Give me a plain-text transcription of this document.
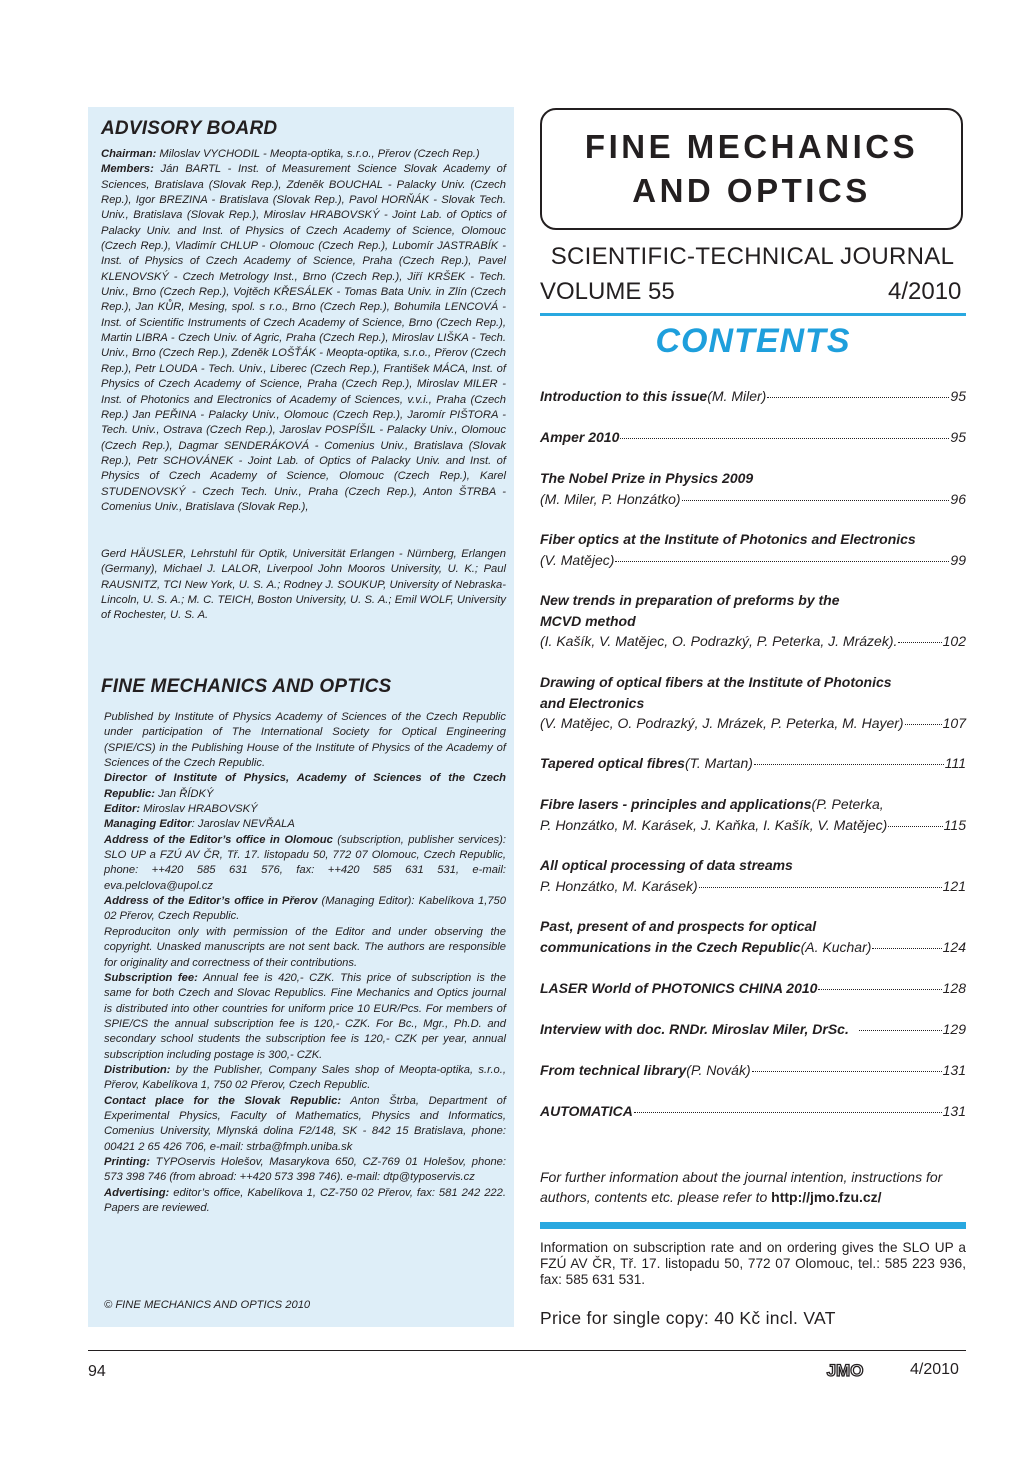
ADVISORY BOARD
Chairman: Miloslav VYCHODIL - Meopta-optika, s.r.o., Přerov (Czech Rep.)
Members: Ján BARTL - Inst. of Measurement Science Slovak Academy of Sciences, Bratislava (Slovak Rep.), Zdeněk BOUCHAL - Palacky Univ. (Czech Rep.), Igor BREZINA - Bratislava (Slovak Rep.), Pavol HORŇÁK - Slovak Tech. Univ., Bratislava (Slovak Rep.), Miroslav HRABOVSKÝ - Joint Lab. of Optics of Palacky Univ. and Inst. of Physics of Czech Academy of Science, Olomouc (Czech Rep.), Vladimír CHLUP - Olomouc (Czech Rep.), Lubomír JASTRABÍK - Inst. of Physics of Czech Academy of Science, Praha (Czech Rep.), Pavel KLENOVSKÝ - Czech Metrology Inst., Brno (Czech Rep.), Jiří KRŠEK - Tech. Univ., Brno (Czech Rep.), Vojtěch KŘESÁLEK - Tomas Bata Univ. in Zlín (Czech Rep.), Jan KŮR, Mesing, spol. s r.o., Brno (Czech Rep.), Bohumila LENCOVÁ - Inst. of Scientific Instruments of Czech Academy of Science, Brno (Czech Rep.), Martin LIBRA - Czech Univ. of Agric, Praha (Czech Rep.), Miroslav LIŠKA - Tech. Univ., Brno (Czech Rep.), Zdeněk LOŠŤÁK - Meopta-optika, s.r.o., Přerov (Czech Rep.), Petr LOUDA - Tech. Univ., Liberec (Czech Rep.), František MÁCA, Inst. of Physics of Czech Academy of Science, Praha (Czech Rep.), Miroslav MILER - Inst. of Photonics and Electronics of Academy of Sciences, v.v.i., Praha (Czech Rep.) Jan PEŘINA - Palacky Univ., Olomouc (Czech Rep.), Jaromír PIŠTORA - Tech. Univ., Ostrava (Czech Rep.), Jaroslav POSPÍŠIL - Palacky Univ., Olomouc (Czech Rep.), Dagmar SENDERÁKOVÁ - Comenius Univ., Bratislava (Slovak Rep.), Petr SCHOVÁNEK - Joint Lab. of Optics of Palacky Univ. and Inst. of Physics of Czech Academy of Science, Olomouc (Czech Rep.), Karel STUDENOVSKÝ - Czech Tech. Univ., Praha (Czech Rep.), Anton ŠTRBA - Comenius Univ., Bratislava (Slovak Rep.),
Gerd HÄUSLER, Lehrstuhl für Optik, Universität Erlangen - Nürnberg, Erlangen (Germany), Michael J. LALOR, Liverpool John Mooros University, U. K.; Paul RAUSNITZ, TCI New York, U. S. A.; Rodney J. SOUKUP, University of Nebraska-Lincoln, U. S. A.; M. C. TEICH, Boston University, U. S. A.; Emil WOLF, University of Rochester, U. S. A.
FINE MECHANICS AND OPTICS

Published by Institute of Physics Academy of Sciences of the Czech Republic under participation of The International Society for Optical Engineering (SPIE/CS) in the Publishing House of the Institute of Physics of the Academy of Sciences of the Czech Republic.

Director of Institute of Physics, Academy of Sciences of the Czech Republic: Jan ŘÍDKÝ

Editor: Miroslav HRABOVSKÝ

Managing Editor: Jaroslav NEVŘALA

Address of the Editor’s office in Olomouc (subscription, publisher services): SLO UP a FZÚ AV ČR, Tř. 17. listopadu 50, 772 07 Olomouc, Czech Republic, phone: ++420 585 631 576, fax: ++420 585 631 531, e-mail: eva.pelclova@upol.cz

Address of the Editor’s office in Přerov (Managing Editor): Kabelíkova 1,750 02 Přerov, Czech Republic.

Reproduciton only with permission of the Editor and under observing the copyright. Unasked manuscripts are not sent back. The authors are responsible for originality and correctness of their contributions.

Subscription fee: Annual fee is 420,- CZK. This price of subscription is the same for both Czech and Slovac Republics. Fine Mechanics and Optics journal is distributed into other countries for uniform price 10 EUR/Pcs. For members of SPIE/CS the annual subscription fee is 120,- CZK. For Bc., Mgr., Ph.D. and secondary school students the subscription fee is 120,- CZK per year, annual subscription including postage is 300,- CZK.

Distribution: by the Publisher, Company Sales shop of Meopta-optika, s.r.o., Přerov, Kabelíkova 1, 750 02 Přerov, Czech Republic.

Contact place for the Slovak Republic: Anton Štrba, Department of Experimental Physics, Faculty of Mathematics, Physics and Informatics, Comenius University, Mlynská dolina F2/148, SK - 842 15 Bratislava, phone: 00421 2 65 426 706, e-mail: strba@fmph.uniba.sk

Printing: TYPOservis Holešov, Masarykova 650, CZ-769 01 Holešov, phone: 573 398 746 (from abroad: ++420 573 398 746). e-mail: dtp@typoservis.cz

Advertising: editor’s office, Kabelíkova 1, CZ-750 02 Přerov, fax: 581 242 222. Papers are reviewed.

© FINE MECHANICS AND OPTICS 2010
FINE MECHANICS
AND OPTICS
SCIENTIFIC-TECHNICAL JOURNAL
VOLUME 55	4/2010
CONTENTS
Introduction to this issue (M. Miler)	95
Amper 2010	95
The Nobel Prize in Physics 2009
(M. Miler, P. Honzátko)	96
Fiber optics at the Institute of Photonics and Electronics
(V. Matějec)	99
New trends in preparation of preforms by the
MCVD method
(I. Kašík, V. Matějec, O. Podrazký, P. Peterka, J. Mrázek).	102
Drawing of optical fibers at the Institute of Photonics
and Electronics
(V. Matějec, O. Podrazký, J. Mrázek, P. Peterka, M. Hayer)	107
Tapered optical fibres (T. Martan)	111
Fibre lasers - principles and applications (P. Peterka,
P. Honzátko, M. Karásek, J. Kaňka, I. Kašík, V. Matějec)	115
All optical processing of data streams
P. Honzátko, M. Karásek)	121
Past, present of and prospects for optical
communications in the Czech Republic (A. Kuchar)	124
LASER World of PHOTONICS CHINA 2010	128
Interview with doc. RNDr. Miroslav Miler, DrSc.	129
From technical library (P. Novák)	131
AUTOMATICA	131
For further information about the journal intention, instructions for authors, contents etc. please refer to http://jmo.fzu.cz/
Information on subscription rate and on ordering gives the SLO UP a FZÚ AV ČR, Tř. 17. listopadu 50, 772 07 Olomouc, tel.: 585 223 936, fax: 585 631 531.
Price for single copy: 40 Kč incl. VAT
94	JMO	4/2010
